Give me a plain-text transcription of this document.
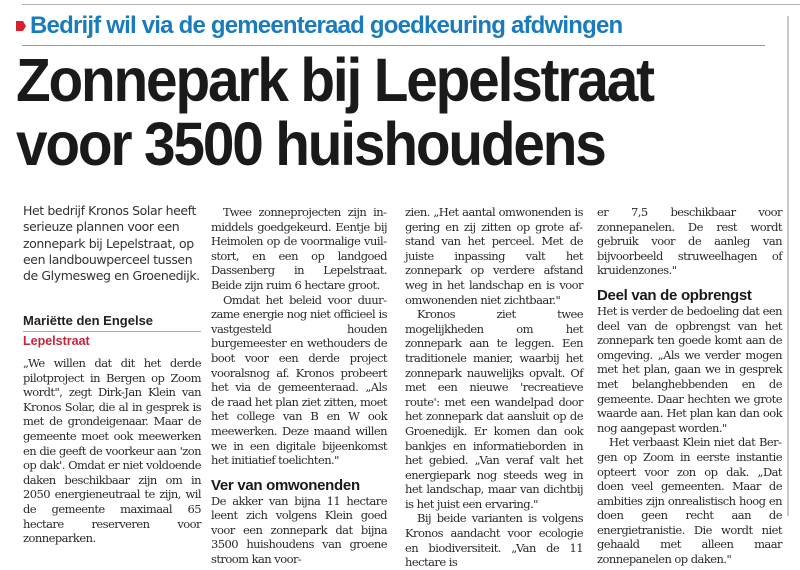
Bedrijf wil via de gemeenteraad goedkeuring afdwingen
Zonnepark bij Lepelstraat
voor 3500 huishoudens
Het bedrijf Kronos Solar heeft serieuze plannen voor een zonnepark bij Lepelstraat, op een landbouwperceel tussen de Glymesweg en Groenedijk.
Mariëtte den Engelse
Lepelstraat

„We willen dat dit het derde pilotproject in Bergen op Zoom wordt", zegt Dirk-Jan Klein van Kronos Solar, die al in gesprek is met de grondeigenaar. Maar de gemeente moet ook meewerken en die geeft de voorkeur aan 'zon op dak'. Omdat er niet voldoende daken beschikbaar zijn om in 2050 energieneutraal te zijn, wil de gemeente maximaal 65 hectare reserveren voor zonneparken.

Twee zonneprojecten zijn inmiddels goedgekeurd. Eentje bij Heimolen op de voormalige vuilstort, en een op landgoed Dassenberg in Lepelstraat. Beide zijn ruim 6 hectare groot.

Omdat het beleid voor duurzame energie nog niet officieel is vastgesteld houden burgemeester en wethouders de boot voor een derde project vooralsnog af. Kronos probeert het via de gemeenteraad. „Als de raad het plan ziet zitten, moet het college van B en W ook meewerken. Deze maand willen we in een digitale bijeenkomst het initiatief toelichten."

Ver van omwonenden

De akker van bijna 11 hectare leent zich volgens Klein goed voor een zonnepark dat bijna 3500 huishoudens van groene stroom kan voor-

zien. „Het aantal omwonenden is gering en zij zitten op grote afstand van het perceel. Met de juiste inpassing valt het zonnepark op verdere afstand weg in het landschap en is voor omwonenden niet zichtbaar."

Kronos ziet twee mogelijkheden om het zonnepark aan te leggen. Een traditionele manier, waarbij het zonnepark nauwelijks opvalt. Of met een nieuwe 'recreatieve route': met een wandelpad door het zonnepark dat aansluit op de Groenedijk. Er komen dan ook bankjes en informatieborden in het gebied. „Van veraf valt het energiepark nog steeds weg in het landschap, maar van dichtbij is het juist een ervaring."

Bij beide varianten is volgens Kronos aandacht voor ecologie en biodiversiteit. „Van de 11 hectare is

er 7,5 beschikbaar voor zonnepanelen. De rest wordt gebruik voor de aanleg van bijvoorbeeld struweelhagen of kruidenzones."

Deel van de opbrengst

Het is verder de bedoeling dat een deel van de opbrengst van het zonnepark ten goede komt aan de omgeving. „Als we verder mogen met het plan, gaan we in gesprek met belanghebbenden en de gemeente. Daar hechten we grote waarde aan. Het plan kan dan ook nog aangepast worden."

Het verbaast Klein niet dat Bergen op Zoom in eerste instantie opteert voor zon op dak. „Dat doen veel gemeenten. Maar de ambities zijn onrealistisch hoog en doen geen recht aan de energietranistie. Die wordt niet gehaald met alleen maar zonnepanelen op daken."
